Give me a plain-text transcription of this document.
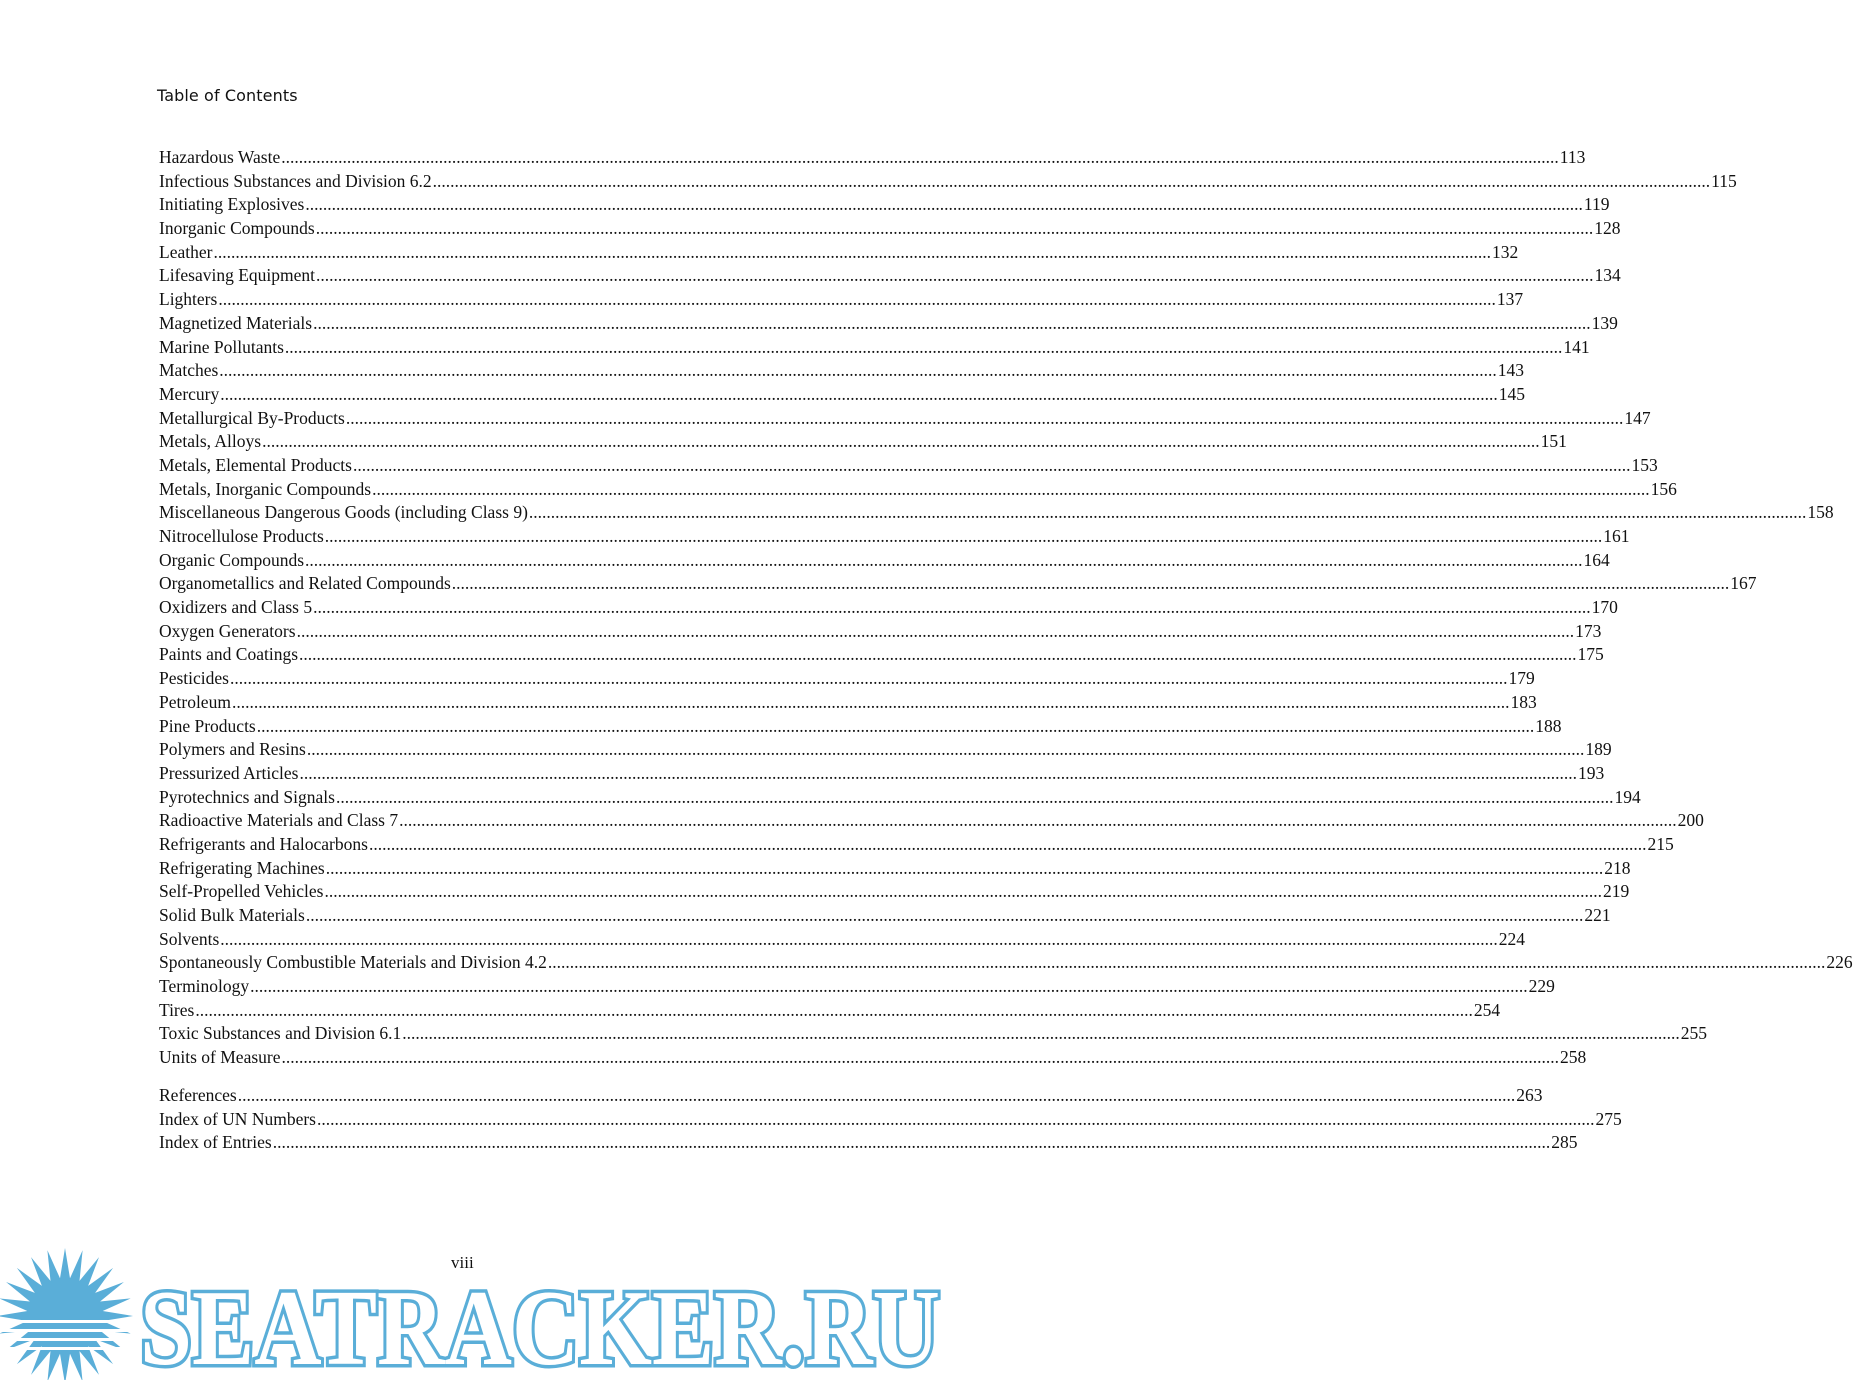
Table of Contents
Hazardous Waste .....	113
Infectious Substances and Division 6.2 .....	115
Initiating Explosives .....	119
Inorganic Compounds .....	128
Leather .....	132
Lifesaving Equipment .....	134
Lighters .....	137
Magnetized Materials .....	139
Marine Pollutants .....	141
Matches .....	143
Mercury .....	145
Metallurgical By-Products .....	147
Metals, Alloys .....	151
Metals, Elemental Products .....	153
Metals, Inorganic Compounds .....	156
Miscellaneous Dangerous Goods (including Class 9) .....	158
Nitrocellulose Products .....	161
Organic Compounds .....	164
Organometallics and Related Compounds .....	167
Oxidizers and Class 5 .....	170
Oxygen Generators .....	173
Paints and Coatings .....	175
Pesticides .....	179
Petroleum .....	183
Pine Products .....	188
Polymers and Resins .....	189
Pressurized Articles .....	193
Pyrotechnics and Signals .....	194
Radioactive Materials and Class 7 .....	200
Refrigerants and Halocarbons .....	215
Refrigerating Machines .....	218
Self-Propelled Vehicles .....	219
Solid Bulk Materials .....	221
Solvents .....	224
Spontaneously Combustible Materials and Division 4.2 .....	226
Terminology .....	229
Tires .....	254
Toxic Substances and Division 6.1 .....	255
Units of Measure .....	258
References .....	263
Index of UN Numbers .....	275
Index of Entries .....	285
viii
SEATRACKER.RU
